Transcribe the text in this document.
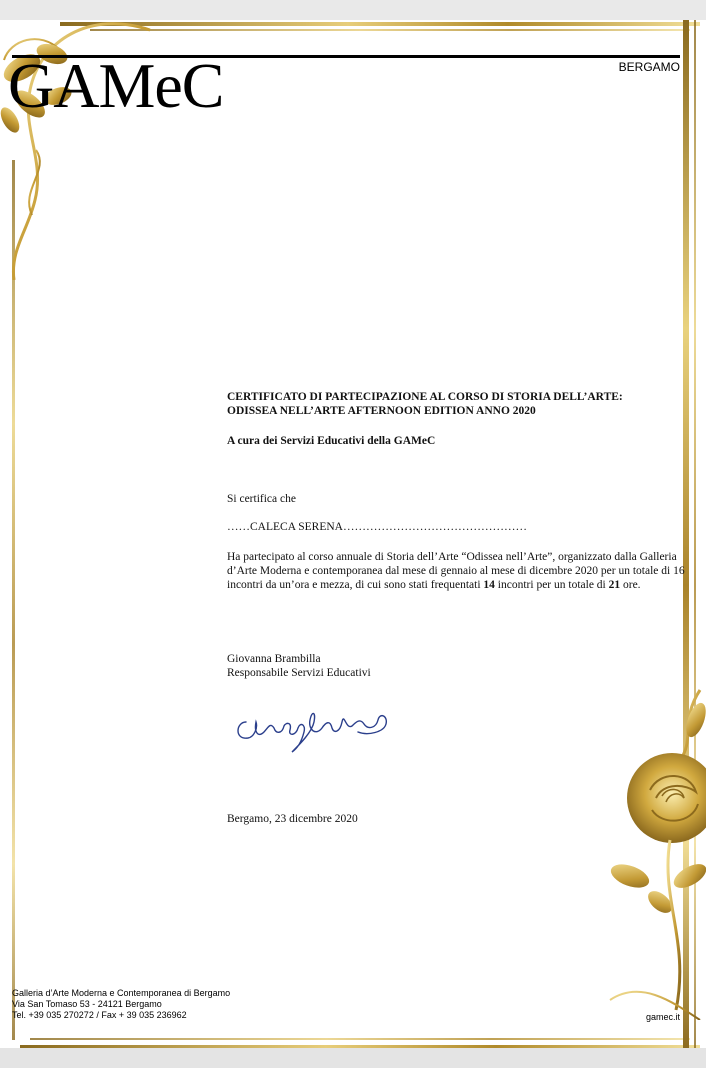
GAMeC	BERGAMO
CERTIFICATO DI PARTECIPAZIONE AL CORSO DI STORIA DELL’ARTE:
ODISSEA NELL’ARTE AFTERNOON EDITION ANNO 2020
A cura dei Servizi Educativi della GAMeC
Si certifica che
……CALECA SERENA…………………………………………
Ha partecipato al corso annuale di Storia dell’Arte “Odissea nell’Arte”, organizzato dalla Galleria d’Arte Moderna e contemporanea dal mese di gennaio al mese di dicembre 2020 per un totale di 16 incontri da un’ora e mezza, di cui sono stati frequentati 14 incontri per un totale di 21 ore.
Giovanna Brambilla
Responsabile Servizi Educativi
Bergamo, 23 dicembre 2020
Galleria d’Arte Moderna e Contemporanea di Bergamo
Via San Tomaso 53 - 24121 Bergamo
Tel. +39 035 270272 / Fax + 39 035 236962	gamec.it
